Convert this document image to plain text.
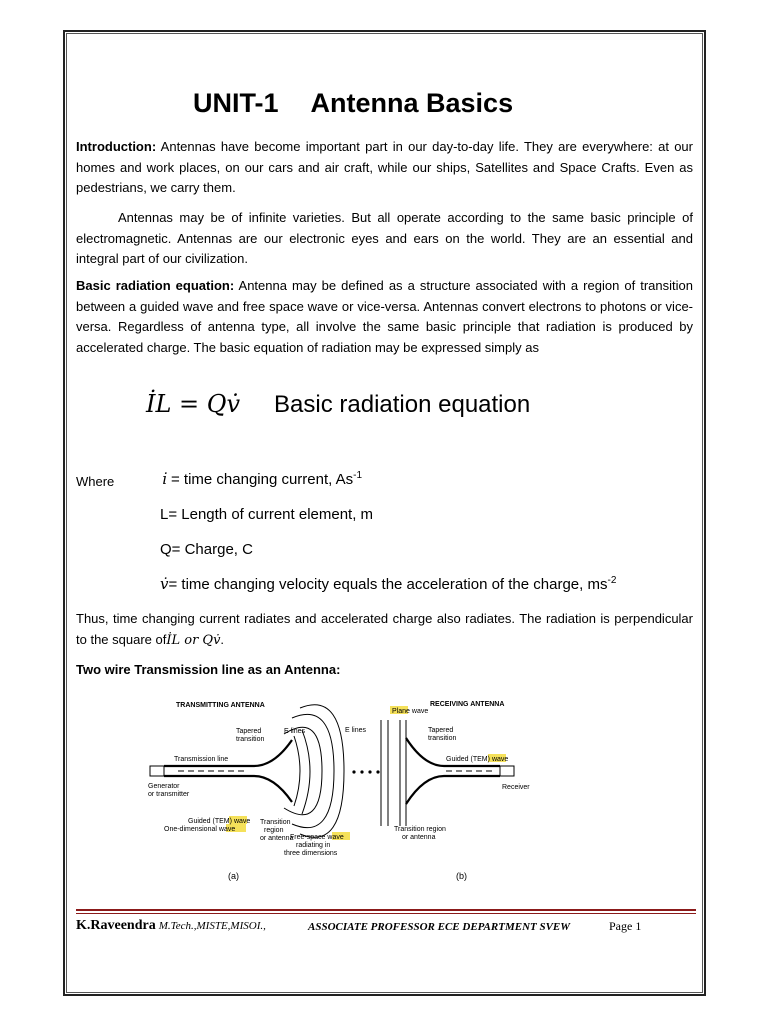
UNIT-1 Antenna Basics
Introduction: Antennas have become important part in our day-to-day life. They are everywhere: at our homes and work places, on our cars and air craft, while our ships, Satellites and Space Crafts. Even as pedestrians, we carry them.
Antennas may be of infinite varieties. But all operate according to the same basic principle of electromagnetic. Antennas are our electronic eyes and ears on the world. They are an essential and integral part of our civilization.
Basic radiation equation: Antenna may be defined as a structure associated with a region of transition between a guided wave and free space wave or vice-versa. Antennas convert electrons to photons or vice-versa. Regardless of antenna type, all involve the same basic principle that radiation is produced by accelerated charge. The basic equation of radiation may be expressed simply as
İL = Qv̇ Basic radiation equation
Where	i̇ = time changing current, $As^{-1}$
L= Length of current element, m
Q= Charge, C
v̇= time changing velocity equals the acceleration of the charge, $ms^{-2}$
Thus, time changing current radiates and accelerated charge also radiates. The radiation is perpendicular to the square ofİL or Qv̇.
Two wire Transmission line as an Antenna:
TRANSMITTING ANTENNA	RECEIVING ANTENNA
Plane wave
Tapered
transition
E lines	E lines	Tapered
transition
Transmission line	Guided (TEM) wave
Generator
or transmitter
Receiver
Guided (TEM) wave
One-dimensional wave
Transition
region
or antenna
Free-space wave
radiating in
three dimensions
Transition region
or antenna
(a)	(b)
K.Raveendra M.Tech.,MISTE,MISOI.,	ASSOCIATE PROFESSOR ECE DEPARTMENT SVEW	Page 1
